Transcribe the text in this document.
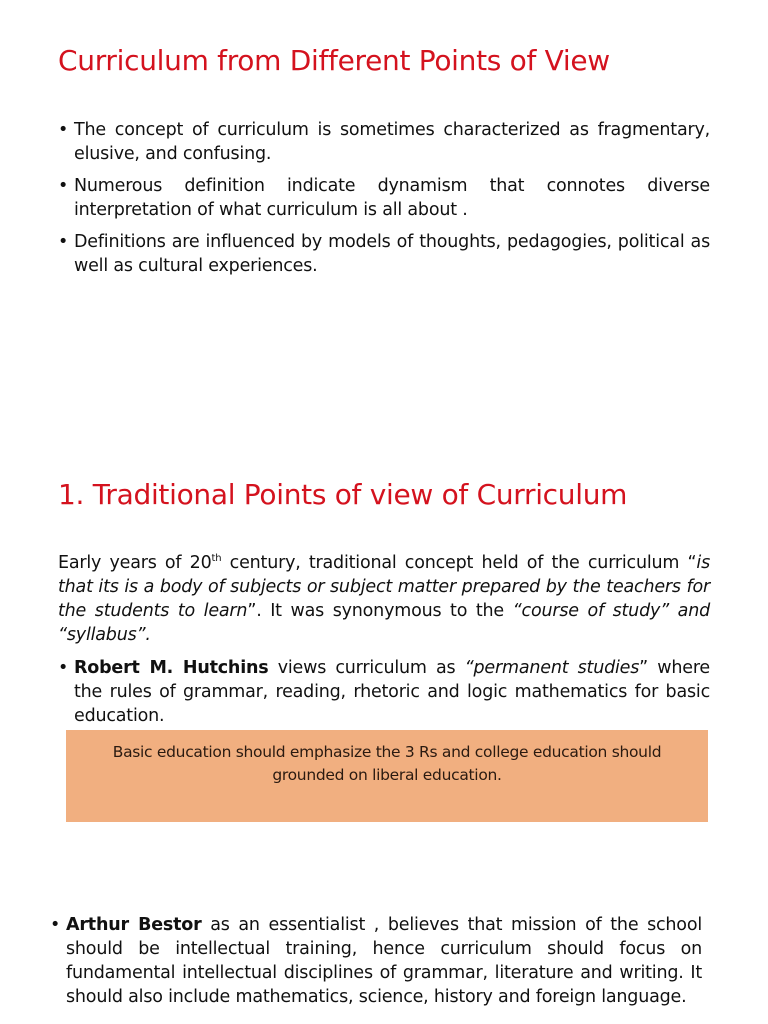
Curriculum from Different Points of View
• The concept of curriculum is sometimes characterized as fragmentary, elusive, and confusing.
• Numerous definition indicate dynamism that connotes diverse interpretation of what curriculum is all about .
• Definitions are influenced by models of thoughts, pedagogies, political as well as cultural experiences.
1. Traditional Points of view of Curriculum
Early years of 20th century, traditional concept held of the curriculum “is that its is a body of subjects or subject matter prepared by the teachers for the students to learn”. It was synonymous to the “course of study” and “syllabus”.
• Robert M. Hutchins views curriculum as “permanent studies” where the rules of grammar, reading, rhetoric and logic mathematics for basic education.
Basic education should emphasize the 3 Rs and college education should grounded on liberal education.
• Arthur Bestor as an essentialist , believes that mission of the school should be intellectual training, hence curriculum should focus on fundamental intellectual disciplines of grammar, literature and writing. It should also include mathematics, science, history and foreign language.
